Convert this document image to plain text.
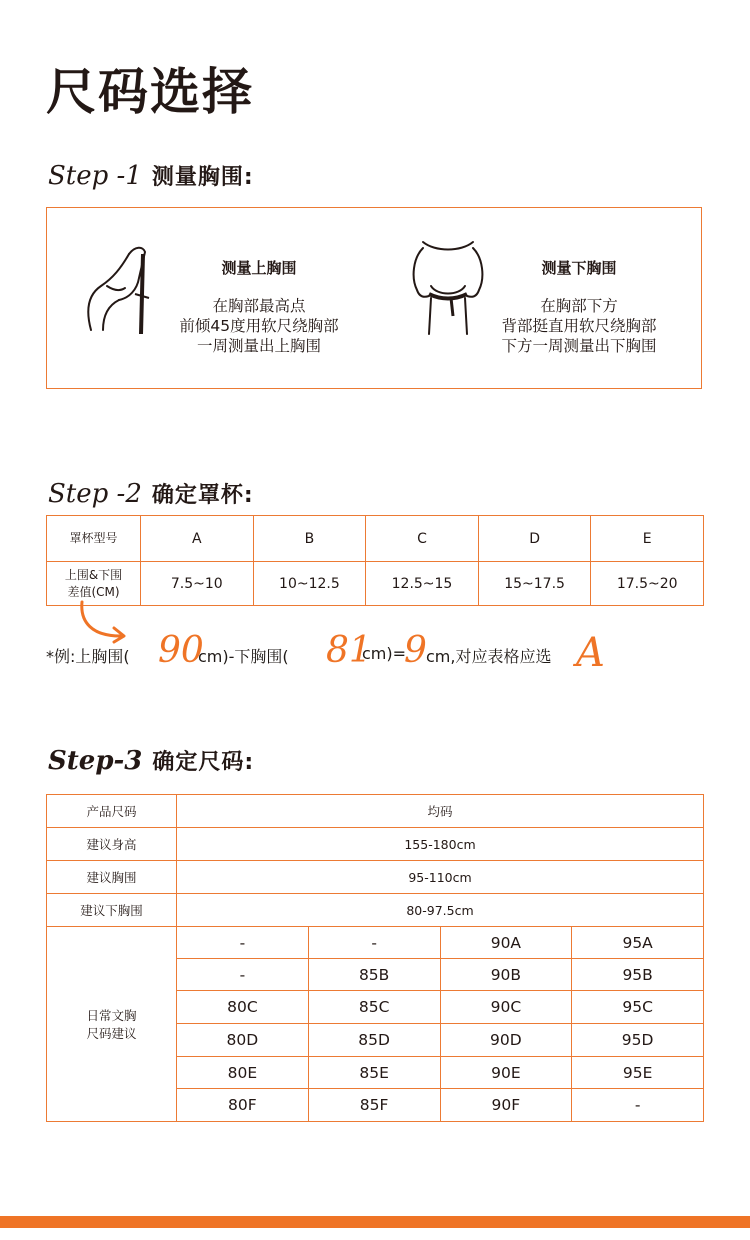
尺码选择
Step -1 测量胸围:
测量上胸围
在胸部最高点
前倾45度用软尺绕胸部
一周测量出上胸围
测量下胸围
在胸部下方
背部挺直用软尺绕胸部
下方一周测量出下胸围
Step -2 确定罩杯:
罩杯型号	A	B	C	D	E

上围&下围
差值(CM)	7.5~10	10~12.5	12.5~15	15~17.5	17.5~20
*例:上胸围( 90
cm)-下胸围( 81
cm)=
9 cm,对应表格应选 A
Step-3 确定尺码:
产品尺码	均码			
建议身高	155-180cm			
建议胸围	95-110cm			
建议下胸围	80-97.5cm			

日常文胸
尺码建议	-	-	90A	95A
	-	85B	90B	95B
	80C	85C	90C	95C
	80D	85D	90D	95D
	80E	85E	90E	95E
	80F	85F	90F	-
